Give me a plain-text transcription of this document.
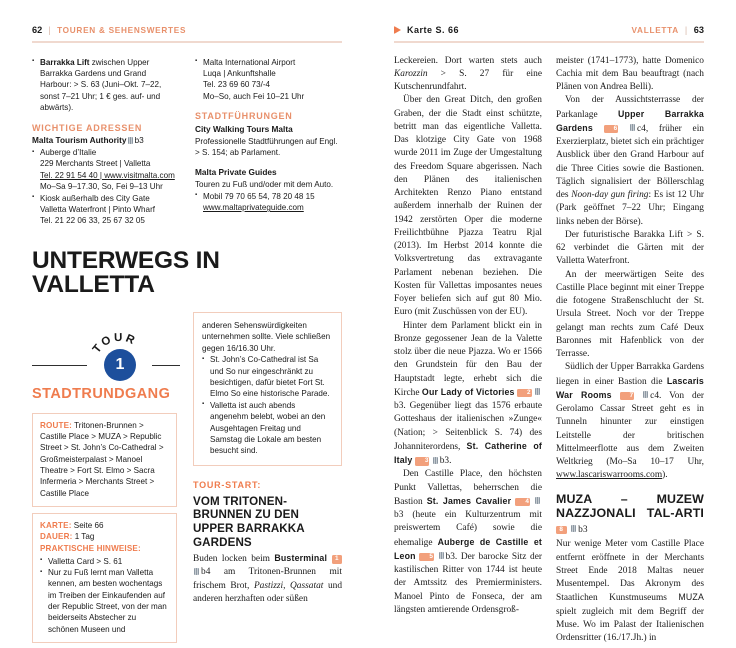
62 | TOUREN & SEHENSWERTES
▪ Barrakka Lift zwischen Upper Barrakka Gardens und Grand Harbour: > S. 63 (Juni–Okt. 7–22, sonst 7–21 Uhr; 1 € ges. auf- und abwärts).
WICHTIGE ADRESSEN
Malta Tourism Authority b3
▪ Auberge d’Italie
229 Merchants Street | Valletta
Tel. 22 91 54 40 | www.visitmalta.com
Mo–Sa 9–17.30, So, Fei 9–13 Uhr
▪ Kiosk außerhalb des City Gate
Valletta Waterfront | Pinto Wharf
Tel. 21 22 06 33, 25 67 32 05
▪ Malta International Airport
Luqa | Ankunftshalle
Tel. 23 69 60 73/-4
Mo–So, auch Fei 10–21 Uhr
STADTFÜHRUNGEN
City Walking Tours Malta
Professionelle Stadtführungen auf Engl.
> S. 154; ab Parlament.
Malta Private Guides
Touren zu Fuß und/oder mit dem Auto.
▪ Mobil 79 70 65 54, 78 20 48 15
www.maltaprivateguide.com
UNTERWEGS IN VALLETTA
TOUR
1
STADTRUNDGANG

ROUTE: Tritonen-Brunnen > Castille Place > MUZA > Republic Street > St. John’s Co-Cathedral > Großmeisterpalast > Manoel Theatre > Fort St. Elmo > Sacra Infermeria > Merchants Street > Castille Place

KARTE: Seite 66

DAUER: 1 Tag

PRAKTISCHE HINWEISE:

▪ Valletta Card > S. 61
▪ Nur zu Fuß lernt man Valletta kennen, am besten wochentags im Treiben der Einkaufenden auf der Republic Street, von der man beiderseits Abstecher zu schönen Museen und

anderen Sehenswürdigkeiten unternehmen sollte. Viele schließen gegen 16/16.30 Uhr.

▪ St. John’s Co-Cathedral ist Sa und So nur eingeschränkt zu besichtigen, dafür bietet Fort St. Elmo So eine historische Parade.
▪ Valletta ist auch abends angenehm belebt, wobei an den Ausgehtagen Freitag und Samstag die Lokale am besten besucht sind.
TOUR-START:
VOM TRITONEN-BRUNNEN ZU DEN UPPER BARRAKKA GARDENS

Buden locken beim Busterminal 1 b4 am Tritonen-Brunnen mit frischem Brot, Pastizzi, Qassatat und anderen herzhaften oder süßen

Karte S. 66	VALLETTA | 63

Leckereien. Dort warten stets auch Karozzin > S. 27 für eine Kutschenrundfahrt.

Über den Great Ditch, den großen Graben, der die Stadt einst schützte, betritt man das eigentliche Valletta. Das klotzige City Gate von 1968 wurde 2011 im Zuge der Umgestaltung des Freedom Square abgerissen. Nach den Plänen des italienischen Architekten Renzo Piano entstand außerdem innerhalb der Ruinen der 1942 zerstörten Oper die moderne Freilichtbühne Pjazza Teatru Rjal (2013). Im Herbst 2014 konnte die Volksvertretung das extravagante Parlament nebenan beziehen. Die Kosten für Vallettas imposantes neues Foyer beliefen sich auf gut 80 Mio. Euro (mit Zuschüssen von der EU).

Hinter dem Parlament blickt ein in Bronze gegossener Jean de la Valette stolz über die neue Pjazza. Wo er 1566 den Grundstein für den Bau der Hauptstadt legte, erhebt sich die Kirche Our Lady of Victories 2 b3. Gegenüber liegt das 1576 erbaute Gotteshaus der italienischen »Zunge« (Nation; > Seitenblick S. 74) des Johanniterordens, St. Catherine of Italy 3 b3.

Den Castille Place, den höchsten Punkt Vallettas, beherrschen die Bastion St. James Cavalier 4 b3 (heute ein Kulturzentrum mit preiswertem Café) sowie die ehemalige Auberge de Castille et Leon 5 b3. Der barocke Sitz der kastilischen Ritter von 1744 ist heute der Amtssitz des Premierministers. Manoel Pinto de Fonseca, der am längsten amtierende Ordensgroß-

meister (1741–1773), hatte Domenico Cachia mit dem Bau beauftragt (nach Plänen von Andrea Belli).

Von der Aussichtsterrasse der Parkanlage Upper Barrakka Gardens	6 c4, früher ein Exerzierplatz, bietet sich ein prächtiger Ausblick über den Grand Harbour auf die Three Cities sowie die Bastionen. Täglich signalisiert der Böllerschlag des Noon-day gun firing: Es ist 12 Uhr (Park geöffnet 7–22 Uhr; Eingang links neben der Börse).

Der futuristische Barakka Lift > S. 62 verbindet die Gärten mit der Valletta Waterfront.

An der meerwärtigen Seite des Castille Place beginnt mit einer Treppe die fotogene Straßenschlucht der St. Ursula Street. Noch vor der Treppe gelangt man rechts zum Café Deux Baronnes mit Hafenblick von der Terrasse.

Südlich der Upper Barrakka Gardens liegen in einer Bastion die Lascaris War Rooms	7 c4. Von der Gerolamo Cassar Street geht es in Tunneln hinunter zur einstigen Leitstelle der britischen Mittelmeerflotte aus dem Zweiten Weltkrieg (Mo–Sa 10–17 Uhr, www.lascariswarrooms.com).

MUZA – MUZEW NAZZJONALI TAL-ARTI 8 b3

Nur wenige Meter vom Castille Place entfernt eröffnete in der Merchants Street Ende 2018 Maltas neuer Musentempel. Das Akronym des Staatlichen Kunstmuseums MUZA spielt zugleich mit dem Begriff der Muse. Wo im Palast der Italienischen Ordensritter (16./17.Jh.) in
